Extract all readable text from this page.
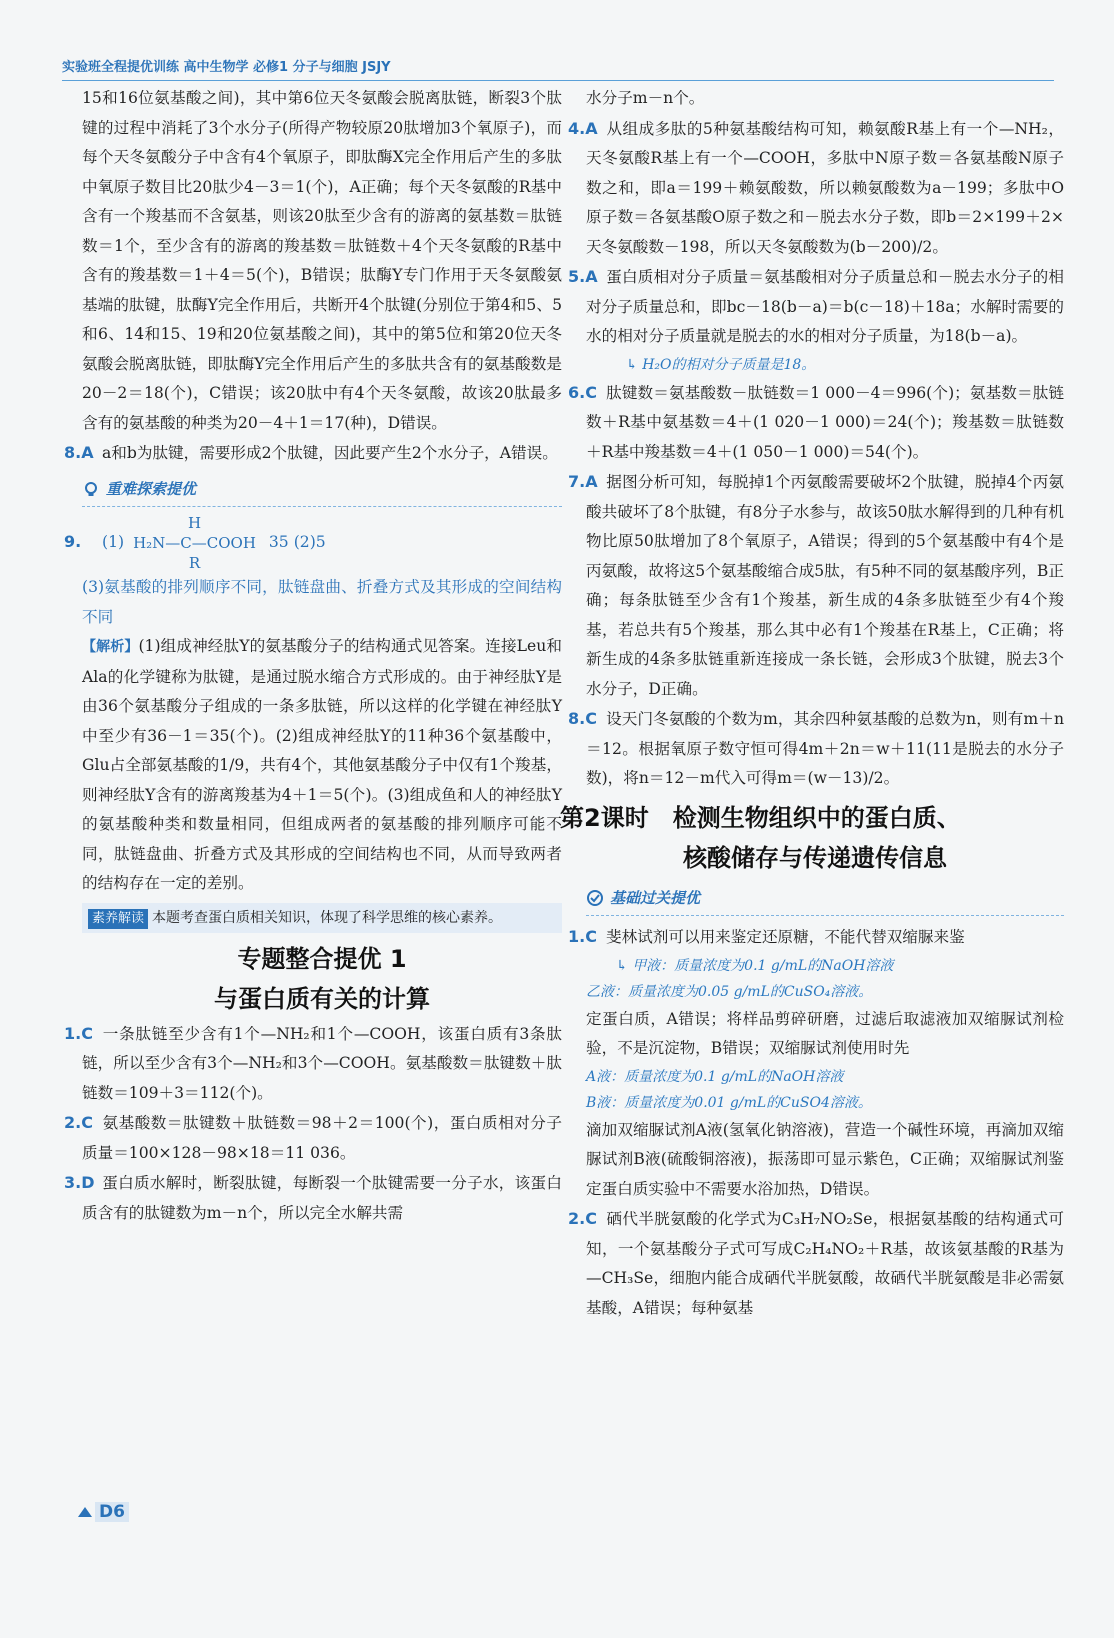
实验班全程提优训练 高中生物学 必修1 分子与细胞 JSJY

15和16位氨基酸之间)，其中第6位天冬氨酸会脱离肽链，断裂3个肽键的过程中消耗了3个水分子(所得产物较原20肽增加3个氧原子)，而每个天冬氨酸分子中含有4个氧原子，即肽酶X完全作用后产生的多肽中氧原子数目比20肽少4－3＝1(个)，A正确；每个天冬氨酸的R基中含有一个羧基而不含氨基，则该20肽至少含有的游离的氨基数＝肽链数＝1个，至少含有的游离的羧基数＝肽链数＋4个天冬氨酸的R基中含有的羧基数＝1＋4＝5(个)，B错误；肽酶Y专门作用于天冬氨酸氨基端的肽键，肽酶Y完全作用后，共断开4个肽键(分别位于第4和5、5和6、14和15、19和20位氨基酸之间)，其中的第5位和第20位天冬氨酸会脱离肽链，即肽酶Y完全作用后产生的多肽共含有的氨基酸数是20－2＝18(个)，C错误；该20肽中有4个天冬氨酸，故该20肽最多含有的氨基酸的种类为20－4＋1＝17(种)，D错误。

8.A a和b为肽键，需要形成2个肽键，因此要产生2个水分子，A错误。

重难探索提优

9. (1)
H
H₂N—C—COOH
R
35 (2)5

(3)氨基酸的排列顺序不同，肽链盘曲、折叠方式及其形成的空间结构不同

【解析】(1)组成神经肽Y的氨基酸分子的结构通式见答案。连接Leu和Ala的化学键称为肽键，是通过脱水缩合方式形成的。由于神经肽Y是由36个氨基酸分子组成的一条多肽链，所以这样的化学键在神经肽Y中至少有36－1＝35(个)。(2)组成神经肽Y的11种36个氨基酸中，Glu占全部氨基酸的1/9，共有4个，其他氨基酸分子中仅有1个羧基，则神经肽Y含有的游离羧基为4＋1＝5(个)。(3)组成鱼和人的神经肽Y的氨基酸种类和数量相同，但组成两者的氨基酸的排列顺序可能不同，肽链盘曲、折叠方式及其形成的空间结构也不同，从而导致两者的结构存在一定的差别。

素养解读 本题考查蛋白质相关知识，体现了科学思维的核心素养。
专题整合提优 1
与蛋白质有关的计算

1.C 一条肽链至少含有1个—NH₂和1个—COOH，该蛋白质有3条肽链，所以至少含有3个—NH₂和3个—COOH。氨基酸数＝肽键数＋肽链数＝109＋3＝112(个)。

2.C 氨基酸数＝肽键数＋肽链数＝98＋2＝100(个)，蛋白质相对分子质量＝100×128－98×18＝11 036。

3.D 蛋白质水解时，断裂肽键，每断裂一个肽键需要一分子水，该蛋白质含有的肽键数为m－n个，所以完全水解共需

水分子m－n个。

4.A 从组成多肽的5种氨基酸结构可知，赖氨酸R基上有一个—NH₂，天冬氨酸R基上有一个—COOH，多肽中N原子数＝各氨基酸N原子数之和，即a＝199＋赖氨酸数，所以赖氨酸数为a－199；多肽中O原子数＝各氨基酸O原子数之和－脱去水分子数，即b＝2×199＋2×天冬氨酸数－198，所以天冬氨酸数为(b－200)/2。

5.A 蛋白质相对分子质量＝氨基酸相对分子质量总和－脱去水分子的相对分子质量总和，即bc－18(b－a)＝b(c－18)＋18a；水解时需要的水的相对分子质量就是脱去的水的相对分子质量，为18(b－a)。

↳ H₂O的相对分子质量是18。

6.C 肽键数＝氨基酸数－肽链数＝1 000－4＝996(个)；氨基数＝肽链数＋R基中氨基数＝4＋(1 020－1 000)＝24(个)；羧基数＝肽链数＋R基中羧基数＝4＋(1 050－1 000)＝54(个)。

7.A 据图分析可知，每脱掉1个丙氨酸需要破坏2个肽键，脱掉4个丙氨酸共破坏了8个肽键，有8分子水参与，故该50肽水解得到的几种有机物比原50肽增加了8个氧原子，A错误；得到的5个氨基酸中有4个是丙氨酸，故将这5个氨基酸缩合成5肽，有5种不同的氨基酸序列，B正确；每条肽链至少含有1个羧基，新生成的4条多肽链至少有4个羧基，若总共有5个羧基，那么其中必有1个羧基在R基上，C正确；将新生成的4条多肽链重新连接成一条长链，会形成3个肽键，脱去3个水分子，D正确。

8.C 设天门冬氨酸的个数为m，其余四种氨基酸的总数为n，则有m＋n＝12。根据氧原子数守恒可得4m＋2n＝w＋11(11是脱去的水分子数)，将n＝12－m代入可得m＝(w－13)/2。

第2课时　检测生物组织中的蛋白质、
核酸储存与传递遗传信息
基础过关提优

1.C 斐林试剂可以用来鉴定还原糖，不能代替双缩脲来鉴

↳ 甲液：质量浓度为0.1 g/mL的NaOH溶液

乙液：质量浓度为0.05 g/mL的CuSO₄溶液。

定蛋白质，A错误；将样品剪碎研磨，过滤后取滤液加双缩脲试剂检验，不是沉淀物，B错误；双缩脲试剂使用时先

A液：质量浓度为0.1 g/mL的NaOH溶液

B液：质量浓度为0.01 g/mL的CuSO4溶液。

滴加双缩脲试剂A液(氢氧化钠溶液)，营造一个碱性环境，再滴加双缩脲试剂B液(硫酸铜溶液)，振荡即可显示紫色，C正确；双缩脲试剂鉴定蛋白质实验中不需要水浴加热，D错误。

2.C 硒代半胱氨酸的化学式为C₃H₇NO₂Se，根据氨基酸的结构通式可知，一个氨基酸分子式可写成C₂H₄NO₂＋R基，故该氨基酸的R基为—CH₃Se，细胞内能合成硒代半胱氨酸，故硒代半胱氨酸是非必需氨基酸，A错误；每种氨基

D6
